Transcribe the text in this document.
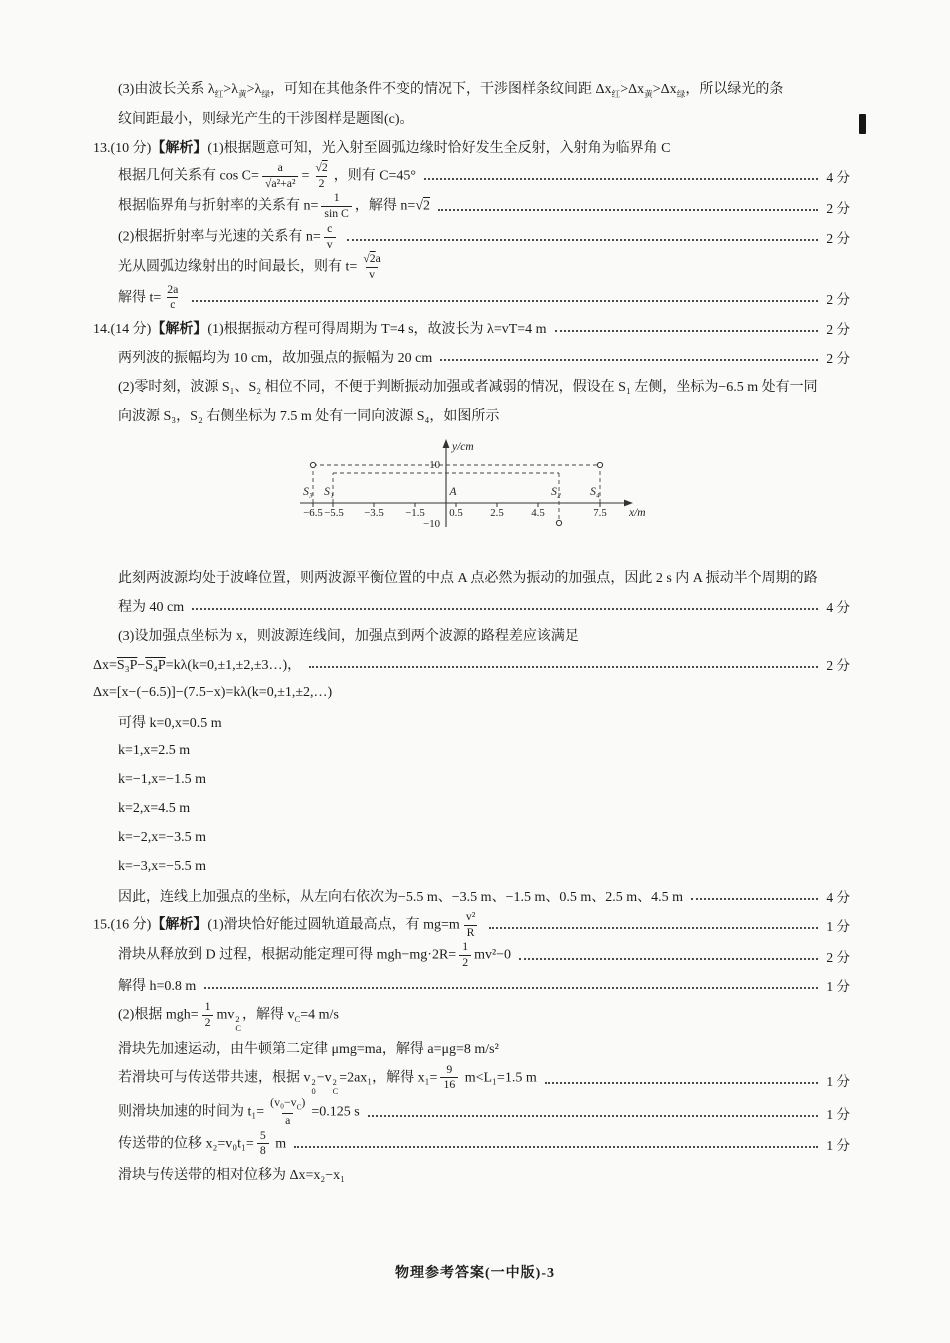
(3)由波长关系 $\lambda_红>\lambda_黄>\lambda_绿$，可知在其他条件不变的情况下，干涉图样条纹间距 $\Delta x_红>\Delta x_黄>\Delta x_绿$，所以绿光的条
纹间距最小，则绿光产生的干涉图样是题图(c)。
13.(10 分)【解析】(1)根据题意可知，光入射至圆弧边缘时恰好发生全反射，入射角为临界角 C
根据几何关系有 $\cos C= \frac{a}{\text{√a²+a²}} = \frac{√2}{2}$ ，则有 C=45°	4 分
根据临界角与折射率的关系有 $n= \frac{1}{\text{sin C}}$ ，解得 n=√2	2 分
(2)根据折射率与光速的关系有 $n= \frac{c}{v}$	2 分
光从圆弧边缘射出的时间最长，则有 $t= \frac{√2a}{v}$
解得 $t= \frac{2a}{c}$	2 分
14.(14 分)【解析】(1)根据振动方程可得周期为 T=4 s，故波长为 λ=vT=4 m	2 分
两列波的振幅均为 10 cm，故加强点的振幅为 20 cm	2 分
(2)零时刻，波源 S₁、S₂ 相位不同，不便于判断振动加强或者减弱的情况，假设在 S₁ 左侧，坐标为−6.5 m 处有一同
向波源 S₃，S₂ 右侧坐标为 7.5 m 处有一同向波源 S₄，如图所示
y/cm
x/m
10
−10
−6.5 −5.5 −3.5 −1.5 0.5	2.5	4.5	7.5
S₃ S₁	A	S₂	S₄
此刻两波源均处于波峰位置，则两波源平衡位置的中点 A 点必然为振动的加强点，因此 2 s 内 A 振动半个周期的路
程为 40 cm	4 分
(3)设加强点坐标为 x，则波源连线间，加强点到两个波源的路程差应该满足
Δx=S₃P−S₄P=kλ(k=0,±1,±2,±3…)，	2 分
Δx=[x−(−6.5)]−(7.5−x)=kλ(k=0,±1,±2,…)
可得 k=0,x=0.5 m
k=1,x=2.5 m
k=−1,x=−1.5 m
k=2,x=4.5 m
k=−2,x=−3.5 m
k=−3,x=−5.5 m
因此，连线上加强点的坐标，从左向右依次为−5.5 m、−3.5 m、−1.5 m、0.5 m、2.5 m、4.5 m	4 分
15.(16 分)【解析】(1)滑块恰好能过圆轨道最高点，有 $mg=m \frac{\text{v²}}{R}$	1 分
滑块从释放到 D 过程，根据动能定理可得 $mgh-mg\cdot 2R= \frac{1}{2} mv^2-0$	2 分
解得 h=0.8 m	1 分
(2)根据 $mgh= \frac{1}{2}$ mv 2
C
，解得 $v_C=4$ m/s
滑块先加速运动，由牛顿第二定律 μmg=ma，解得 a=μg=8 m/s²
若滑块可与传送带共速，根据 v 2
0
−v 2
C
=2ax₁，解得 $x_1= \frac{9}{16} m<L_1=1.5$ m	1 分
则滑块加速的时间为 $t_1= \frac{(v_0-v_C)}{a} =0.125$ s	1 分
传送带的位移 $x_2=v_0t_1= \frac{5}{8}$ m	1 分
滑块与传送带的相对位移为 Δx=x₂−x₁
物理参考答案(一中版)-3
